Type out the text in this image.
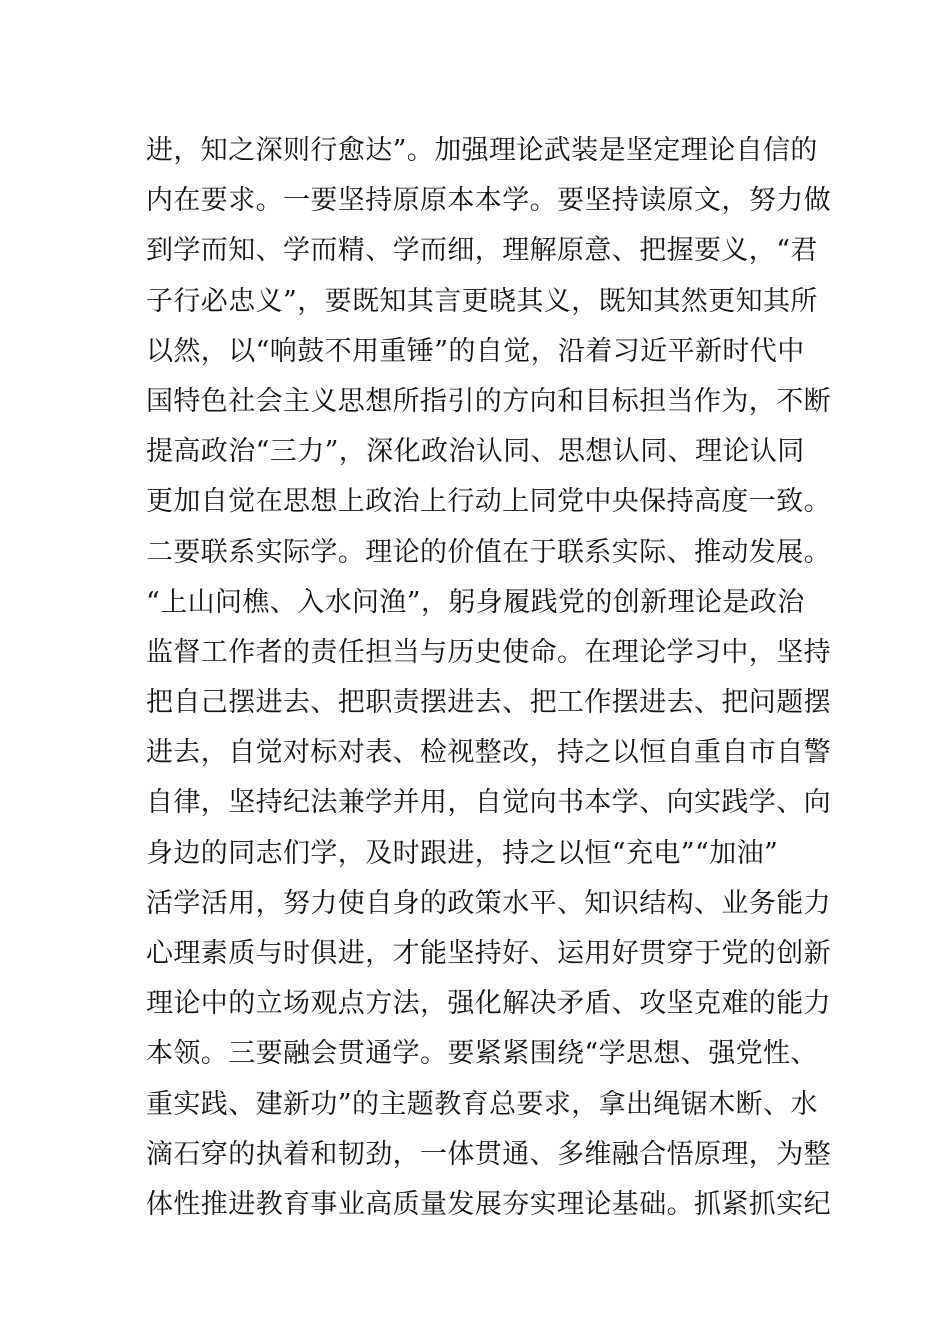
进，知之深则行愈达”。加强理论武装是坚定理论自信的
内在要求。一要坚持原原本本学。要坚持读原文，努力做
到学而知、学而精、学而细，理解原意、把握要义，“君
子行必忠义”，要既知其言更晓其义，既知其然更知其所
以然，以“响鼓不用重锤”的自觉，沿着习近平新时代中
国特色社会主义思想所指引的方向和目标担当作为，不断
提高政治“三力”，深化政治认同、思想认同、理论认同
更加自觉在思想上政治上行动上同党中央保持高度一致。
二要联系实际学。理论的价值在于联系实际、推动发展。
“上山问樵、入水问渔”，躬身履践党的创新理论是政治
监督工作者的责任担当与历史使命。在理论学习中，坚持
把自己摆进去、把职责摆进去、把工作摆进去、把问题摆
进去，自觉对标对表、检视整改，持之以恒自重自市自警
自律，坚持纪法兼学并用，自觉向书本学、向实践学、向
身边的同志们学，及时跟进，持之以恒“充电”“加油”
活学活用，努力使自身的政策水平、知识结构、业务能力
心理素质与时俱进，才能坚持好、运用好贯穿于党的创新
理论中的立场观点方法，强化解决矛盾、攻坚克难的能力
本领。三要融会贯通学。要紧紧围绕“学思想、强党性、
重实践、建新功”的主题教育总要求，拿出绳锯木断、水
滴石穿的执着和韧劲，一体贯通、多维融合悟原理，为整
体性推进教育事业高质量发展夯实理论基础。抓紧抓实纪
